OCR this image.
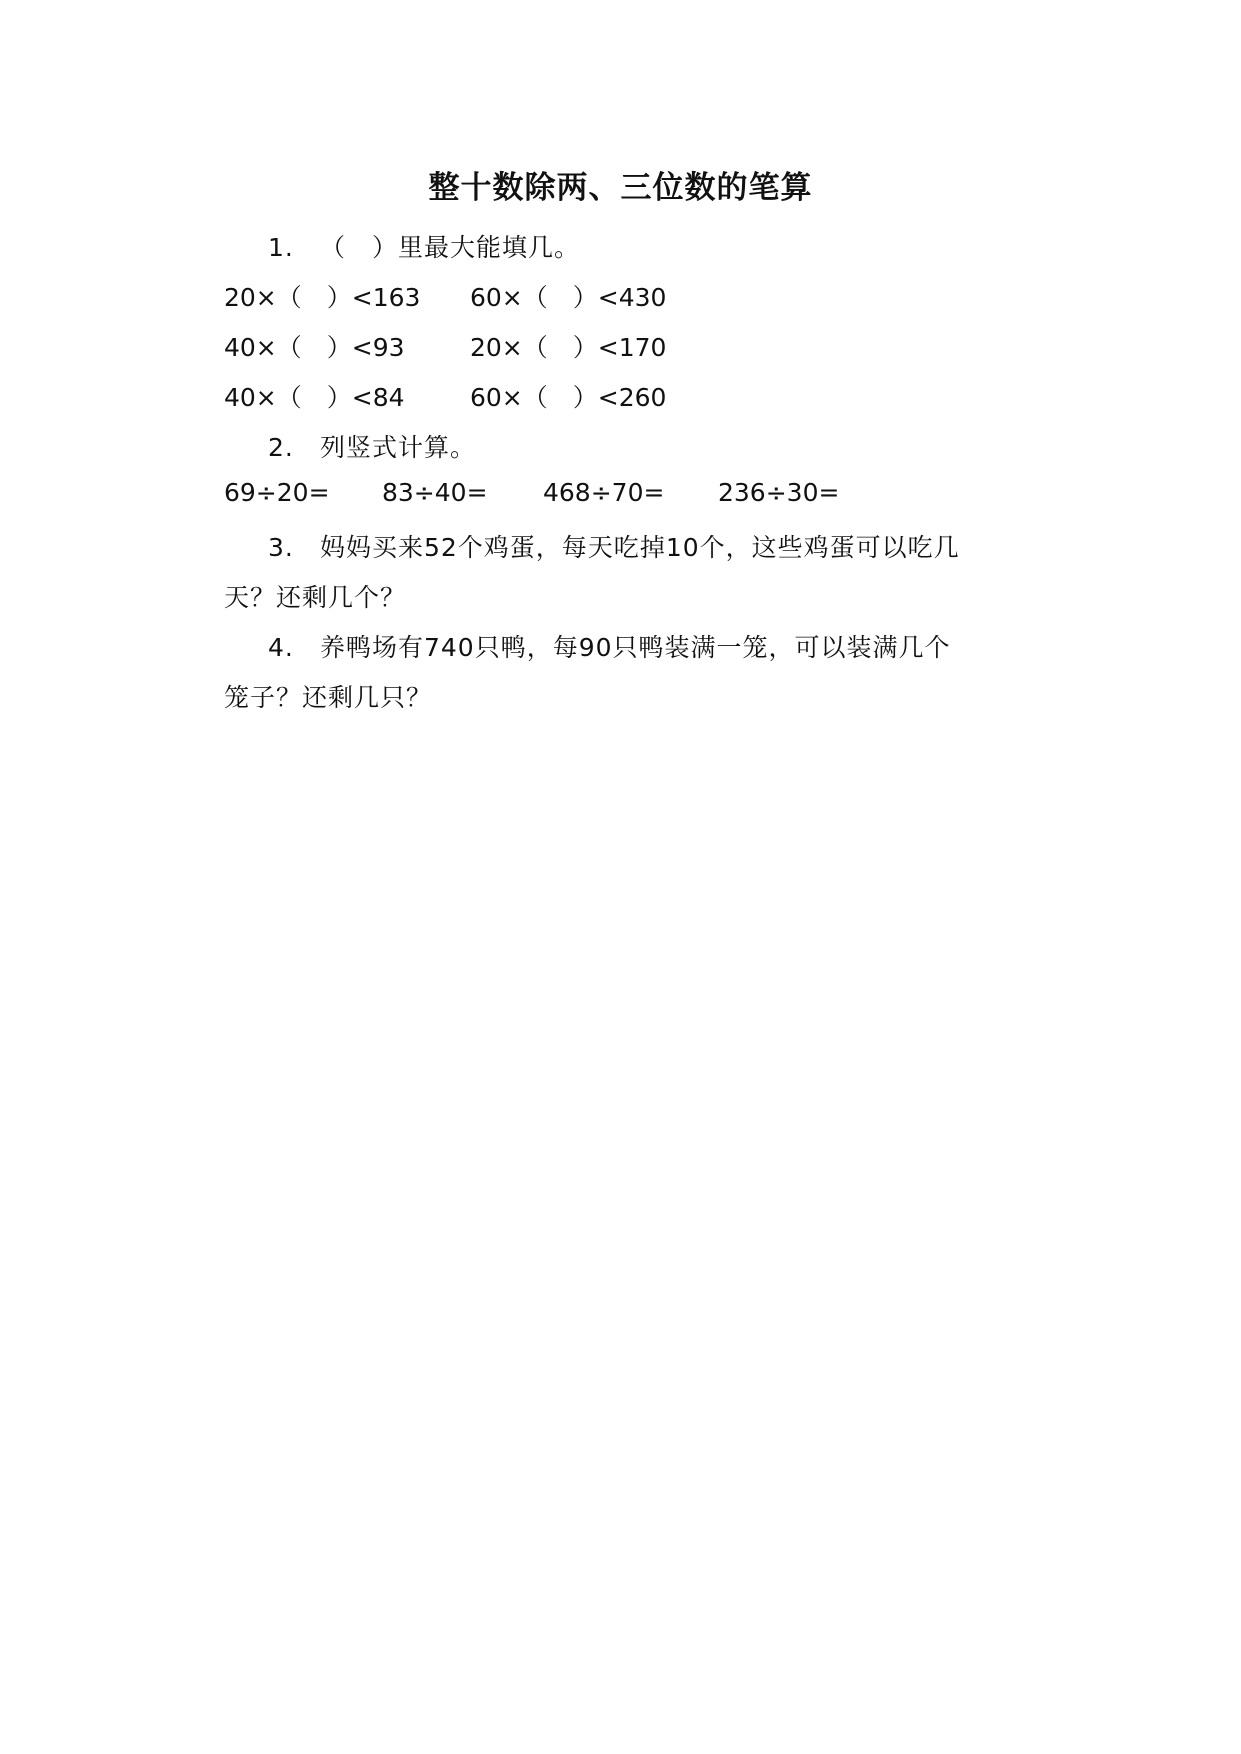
整十数除两、三位数的笔算
1. （　）里最大能填几。
20×（　）<163 60×（　）<430
40×（　）<93	20×（　）<170
40×（　）<84	60×（　）<260
2. 列竖式计算。
69÷20= 83÷40= 468÷70= 236÷30=
3. 妈妈买来52个鸡蛋，每天吃掉10个，这些鸡蛋可以吃几
天？还剩几个？
4. 养鸭场有740只鸭，每90只鸭装满一笼，可以装满几个
笼子？还剩几只？
